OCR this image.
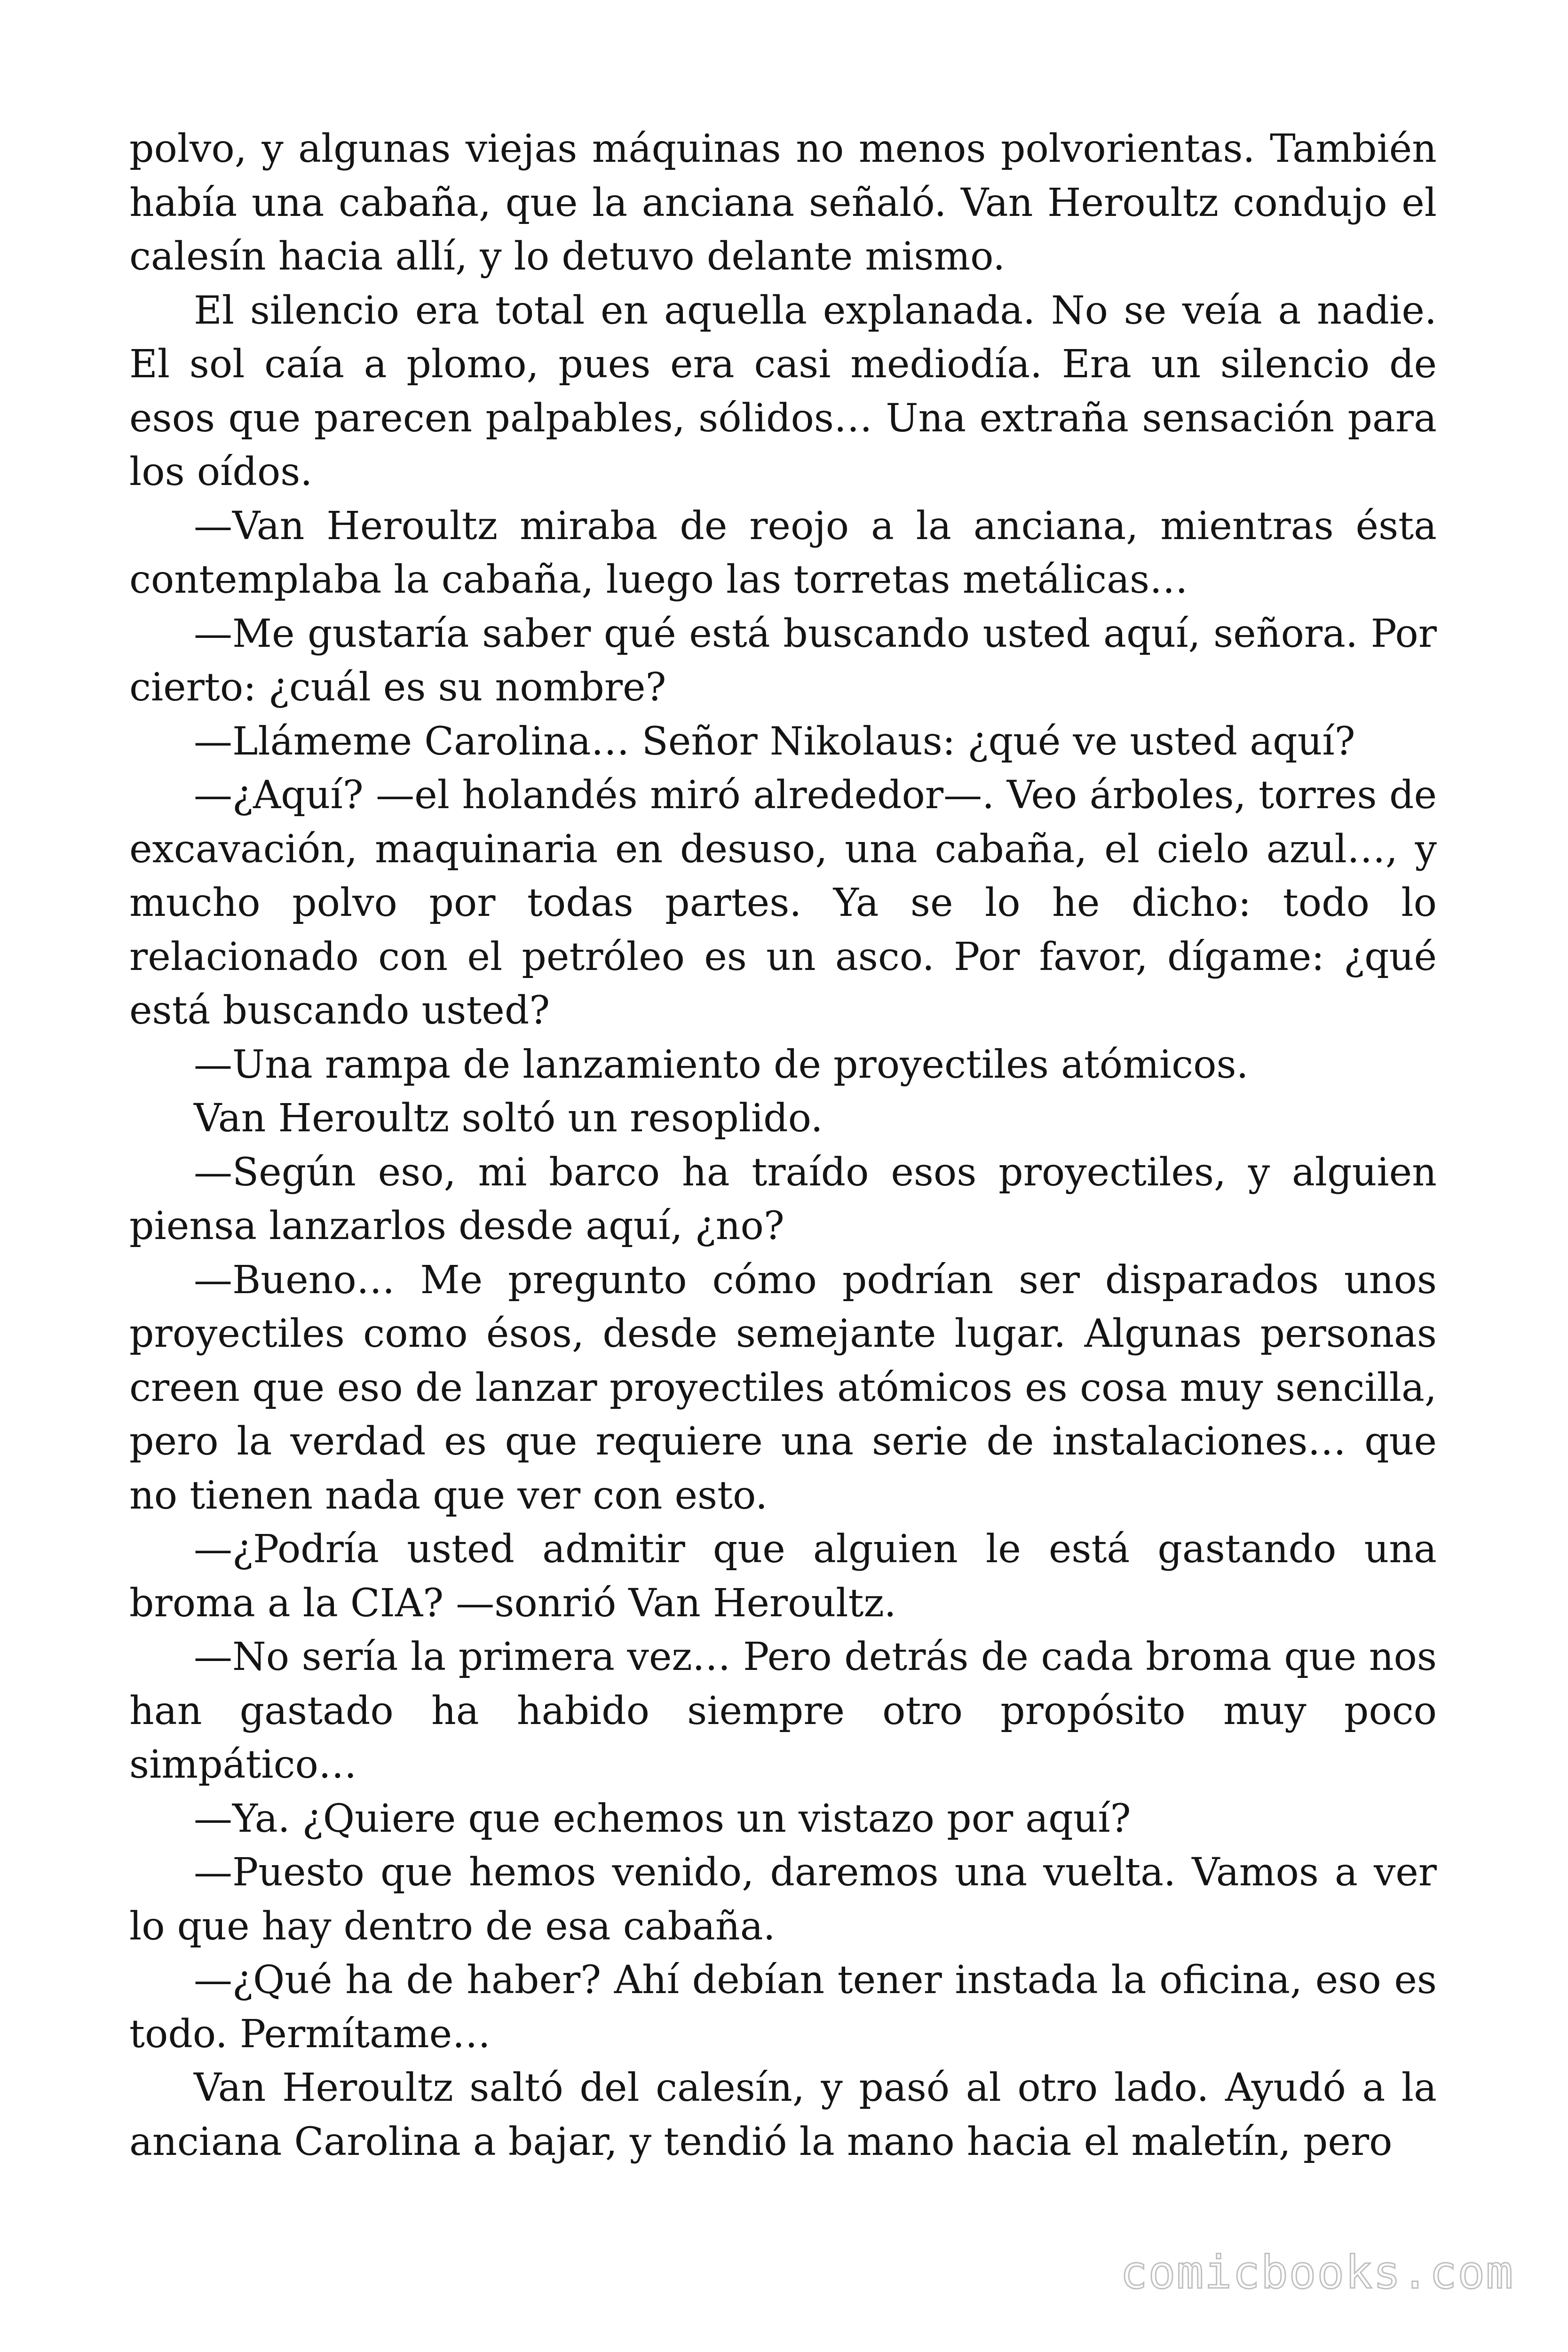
polvo, y algunas viejas máquinas no menos polvorientas. También había una cabaña, que la anciana señaló. Van Heroultz condujo el calesín hacia allí, y lo detuvo delante mismo.

El silencio era total en aquella explanada. No se veía a nadie. El sol caía a plomo, pues era casi mediodía. Era un silencio de esos que parecen palpables, sólidos… Una extraña sensación para los oídos.

—Van Heroultz miraba de reojo a la anciana, mientras ésta contemplaba la cabaña, luego las torretas metálicas…

—Me gustaría saber qué está buscando usted aquí, señora. Por cierto: ¿cuál es su nombre?

—Llámeme Carolina… Señor Nikolaus: ¿qué ve usted aquí?

—¿Aquí? —el holandés miró alrededor—. Veo árboles, torres de excavación, maquinaria en desuso, una cabaña, el cielo azul…, y mucho polvo por todas partes. Ya se lo he dicho: todo lo relacionado con el petróleo es un asco. Por favor, dígame: ¿qué está buscando usted?

—Una rampa de lanzamiento de proyectiles atómicos.

Van Heroultz soltó un resoplido.

—Según eso, mi barco ha traído esos proyectiles, y alguien piensa lanzarlos desde aquí, ¿no?

—Bueno… Me pregunto cómo podrían ser disparados unos proyectiles como ésos, desde semejante lugar. Algunas personas creen que eso de lanzar proyectiles atómicos es cosa muy sencilla, pero la verdad es que requiere una serie de instalaciones… que no tienen nada que ver con esto.

—¿Podría usted admitir que alguien le está gastando una broma a la CIA? —sonrió Van Heroultz.

—No sería la primera vez… Pero detrás de cada broma que nos han gastado ha habido siempre otro propósito muy poco simpático…

—Ya. ¿Quiere que echemos un vistazo por aquí?

—Puesto que hemos venido, daremos una vuelta. Vamos a ver lo que hay dentro de esa cabaña.

—¿Qué ha de haber? Ahí debían tener instada la oficina, eso es todo. Permítame…

Van Heroultz saltó del calesín, y pasó al otro lado. Ayudó a la anciana Carolina a bajar, y tendió la mano hacia el maletín, pero

comicbooks.com
